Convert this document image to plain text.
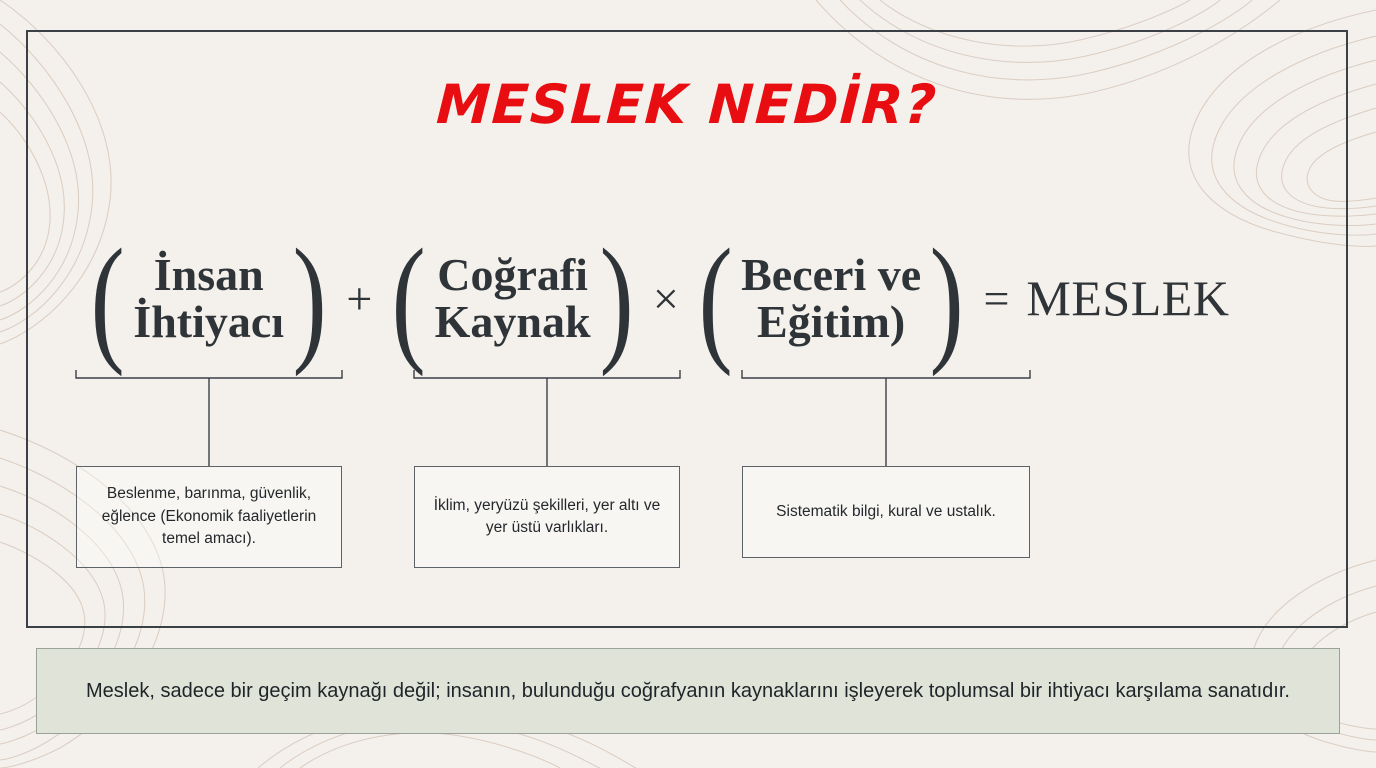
MESLEK NEDİR?
( İnsan
İhtiyacı ) + ( Coğrafi
Kaynak ) × ( Beceri ve
Eğitim) ) = MESLEK
Beslenme, barınma, güvenlik, eğlence (Ekonomik faaliyetlerin temel amacı).
İklim, yeryüzü şekilleri, yer altı ve yer üstü varlıkları.
Sistematik bilgi, kural ve ustalık.
Meslek, sadece bir geçim kaynağı değil; insanın, bulunduğu coğrafyanın kaynaklarını işleyerek toplumsal bir ihtiyacı karşılama sanatıdır.
